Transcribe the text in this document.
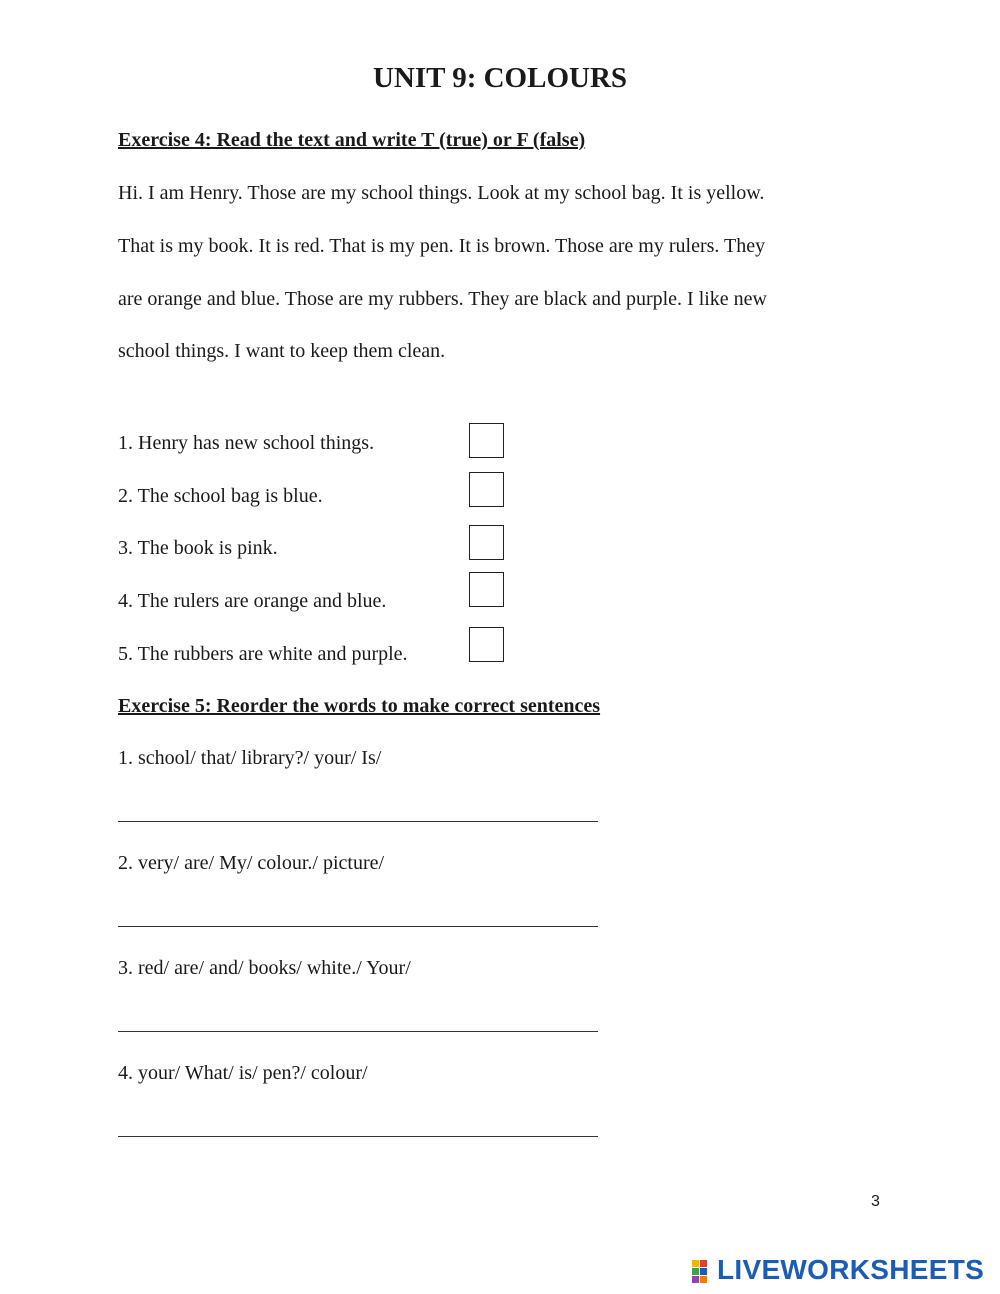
UNIT 9: COLOURS
Exercise 4: Read the text and write T (true) or F (false)
Hi. I am Henry. Those are my school things. Look at my school bag. It is yellow.
That is my book. It is red. That is my pen. It is brown. Those are my rulers. They
are orange and blue. Those are my rubbers. They are black and purple. I like new
school things. I want to keep them clean.
1. Henry has new school things.
2. The school bag is blue.
3. The book is pink.
4. The rulers are orange and blue.
5. The rubbers are white and purple.
Exercise 5: Reorder the words to make correct sentences
1. school/ that/ library?/ your/ Is/
2. very/ are/ My/ colour./ picture/
3. red/ are/ and/ books/ white./ Your/
4. your/ What/ is/ pen?/ colour/
3
LIVEWORKSHEETS
